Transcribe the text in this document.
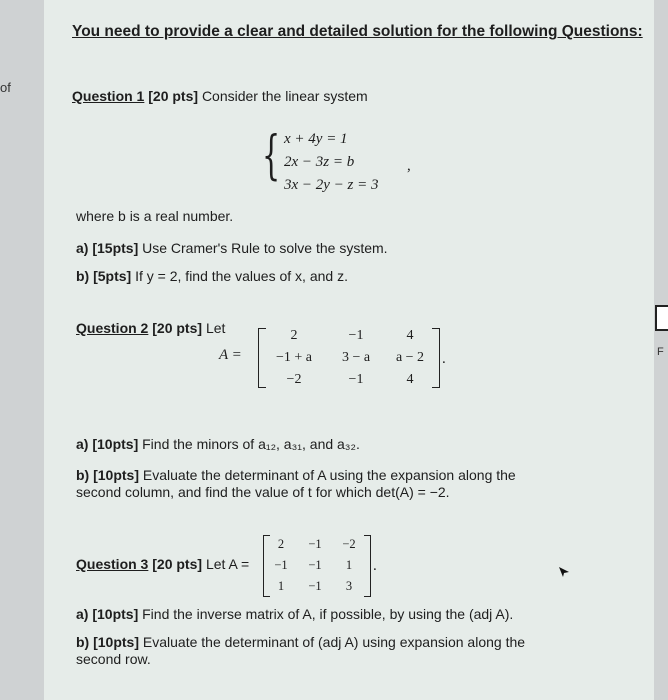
of
F
You need to provide a clear and detailed solution for the following Questions:
Question 1 [20 pts] Consider the linear system
{ x + 4y = 1
2x − 3z = b
3x − 2y − z = 3
,
where b is a real number.
a) [15pts] Use Cramer's Rule to solve the system.
b) [5pts] If y = 2, find the values of x, and z.
Question 2 [20 pts] Let
A =	.
2	−1	4
−1 + a	3 − a	a − 2
−2	−1	4
a) [10pts] Find the minors of a₁₂, a₃₁, and a₃₂.
b) [10pts] Evaluate the determinant of A using the expansion along the
second column, and find the value of t for which det(A) = −2.
Question 3 [20 pts] Let A =	.
2	−1	−2
−1	−1	1
1	−1	3
a) [10pts] Find the inverse matrix of A, if possible, by using the (adj A).
b) [10pts] Evaluate the determinant of (adj A) using expansion along the
second row.
